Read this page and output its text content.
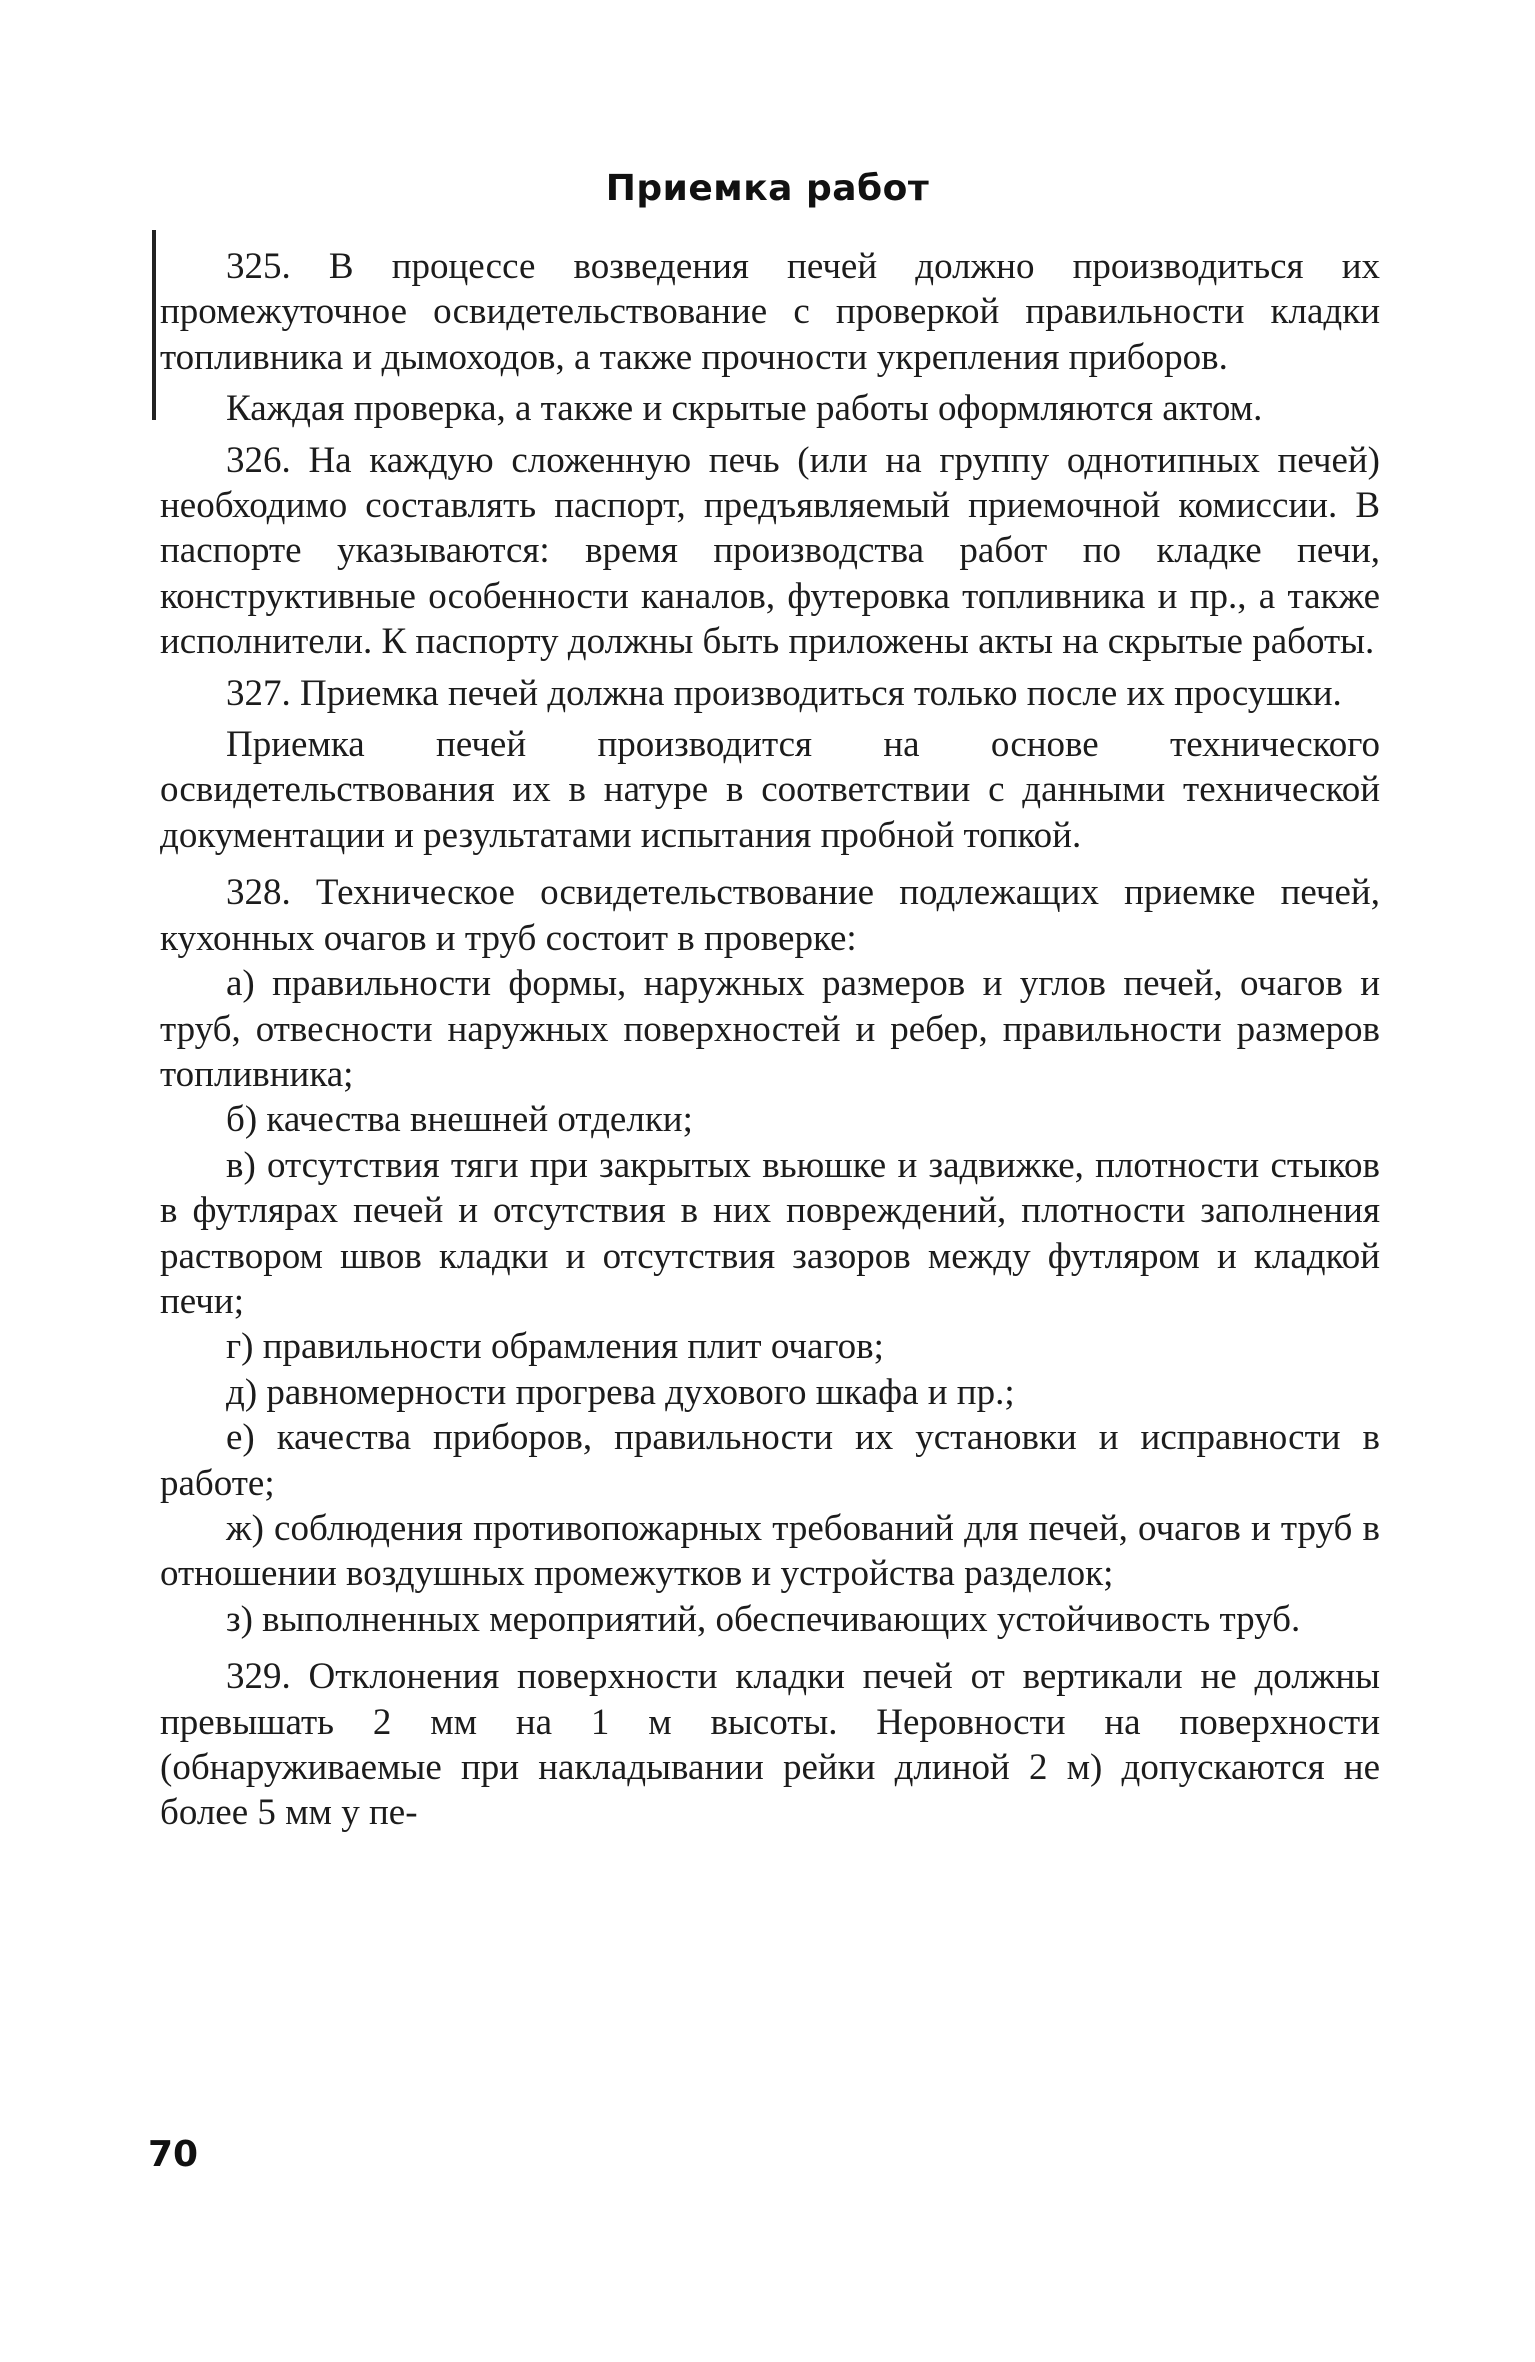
Приемка работ

325. В процессе возведения печей должно производиться их промежуточное освидетельствование с проверкой правильности кладки топливника и дымоходов, а также прочности укрепления приборов.

Каждая проверка, а также и скрытые работы оформляются актом.

326. На каждую сложенную печь (или на группу однотипных печей) необходимо составлять паспорт, предъявляемый приемочной комиссии. В паспорте указываются: время производства работ по кладке печи, конструктивные особенности каналов, футеровка топливника и пр., а также исполнители. К паспорту должны быть приложены акты на скрытые работы.

327. Приемка печей должна производиться только после их просушки.

Приемка печей производится на основе технического освидетельствования их в натуре в соответствии с данными технической документации и результатами испытания пробной топкой.

328. Техническое освидетельствование подлежащих приемке печей, кухонных очагов и труб состоит в проверке:

а) правильности формы, наружных размеров и углов печей, очагов и труб, отвесности наружных поверхностей и ребер, правильности размеров топливника;

б) качества внешней отделки;

в) отсутствия тяги при закрытых вьюшке и задвижке, плотности стыков в футлярах печей и отсутствия в них повреждений, плотности заполнения раствором швов кладки и отсутствия зазоров между футляром и кладкой печи;

г) правильности обрамления плит очагов;

д) равномерности прогрева духового шкафа и пр.;

е) качества приборов, правильности их установки и исправности в работе;

ж) соблюдения противопожарных требований для печей, очагов и труб в отношении воздушных промежутков и устройства разделок;

з) выполненных мероприятий, обеспечивающих устойчивость труб.

329. Отклонения поверхности кладки печей от вертикали не должны превышать 2 мм на 1 м высоты. Неровности на поверхности (обнаруживаемые при накладывании рейки длиной 2 м) допускаются не более 5 мм у пе-

70
